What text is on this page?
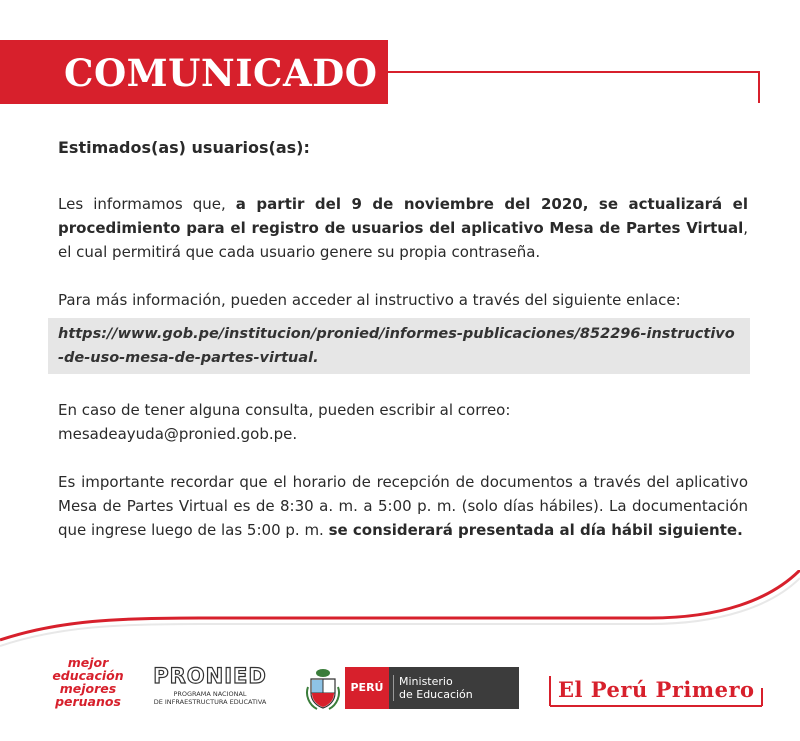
COMUNICADO
Estimados(as) usuarios(as):

Les informamos que, a partir del 9 de noviembre del 2020, se actualizará el procedimiento para el registro de usuarios del aplicativo Mesa de Partes Virtual, el cual permitirá que cada usuario genere su propia contraseña.

Para más información, pueden acceder al instructivo a través del siguiente enlace:

https://www.gob.pe/institucion/pronied/informes-publicaciones/852296-instructivo-de-uso-mesa-de-partes-virtual.

En caso de tener alguna consulta, pueden escribir al correo:

mesadeayuda@pronied.gob.pe.

Es importante recordar que el horario de recepción de documentos a través del aplicativo Mesa de Partes Virtual es de 8:30 a. m. a 5:00 p. m. (solo días hábiles). La documentación que ingrese luego de las 5:00 p. m. se considerará presentada al día hábil siguiente.

mejor
educación
mejores
peruanos
PRONIED
PROGRAMA NACIONAL
DE INFRAESTRUCTURA EDUCATIVA
PERÚ	Ministerio
de Educación	El Perú Primero
